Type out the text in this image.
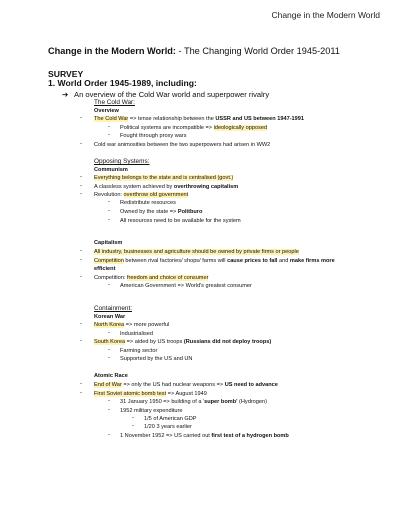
Change in the Modern World
Change in the Modern World: - The Changing World Order 1945-2011
SURVEY
1. World Order 1945-1989, including:
➔ An overview of the Cold War world and superpower rivalry
The Cold War:
Overview
- The Cold War => tense relationship between the USSR and US between 1947-1991
- Political systems are incompatible => ideologically opposed
- Fought through proxy wars
- Cold war animosities between the two superpowers had arisen in WW2
Opposing Systems:
Communism
- Everything belongs to the state and is centralised (govt.)
- A classless system achieved by overthrowing capitalism
- Revolution: overthrow old government
- Redistribute resources
- Owned by the state => Politburo
- All resources need to be available for the system
Capitalism
- All industry, businesses and agriculture should be owned by private firms or people
- Competition between rival factories/ shops/ farms will cause prices to fall and make firms more
efficient
- Competition: freedom and choice of consumer
- American Government => World's greatest consumer
Containment:
Korean War
- North Korea => more powerful
- Industrialised
- South Korea => aided by US troops (Russians did not deploy troops)
- Farming sector
- Supported by the US and UN
Atomic Race
- End of War => only the US had nuclear weapons => US need to advance
- First Soviet atomic bomb test => August 1949
- 31 January 1950 => building of a 'super bomb' (Hydrogen)
- 1952 military expenditure
- 1/5 of American GDP
- 1/20 3 years earlier
- 1 November 1952 => US carried out first test of a hydrogen bomb
